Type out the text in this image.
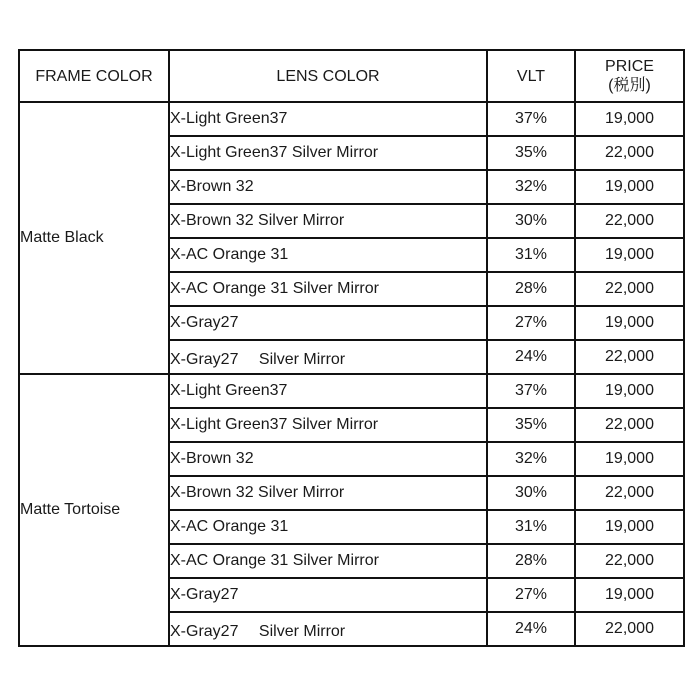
FRAME COLOR	LENS COLOR	VLT	PRICE
(税別)

Matte Black	X-Light Green37	37%	19,000
	X-Light Green37 Silver Mirror	35%	22,000
	X-Brown 32	32%	19,000
	X-Brown 32 Silver Mirror	30%	22,000
	X-AC Orange 31	31%	19,000
	X-AC Orange 31 Silver Mirror	28%	22,000
	X-Gray27	27%	19,000
	X-Gray27　 Silver Mirror	24%	22,000
Matte Tortoise	X-Light Green37	37%	19,000
	X-Light Green37 Silver Mirror	35%	22,000
	X-Brown 32	32%	19,000
	X-Brown 32 Silver Mirror	30%	22,000
	X-AC Orange 31	31%	19,000
	X-AC Orange 31 Silver Mirror	28%	22,000
	X-Gray27	27%	19,000
	X-Gray27　 Silver Mirror	24%	22,000
